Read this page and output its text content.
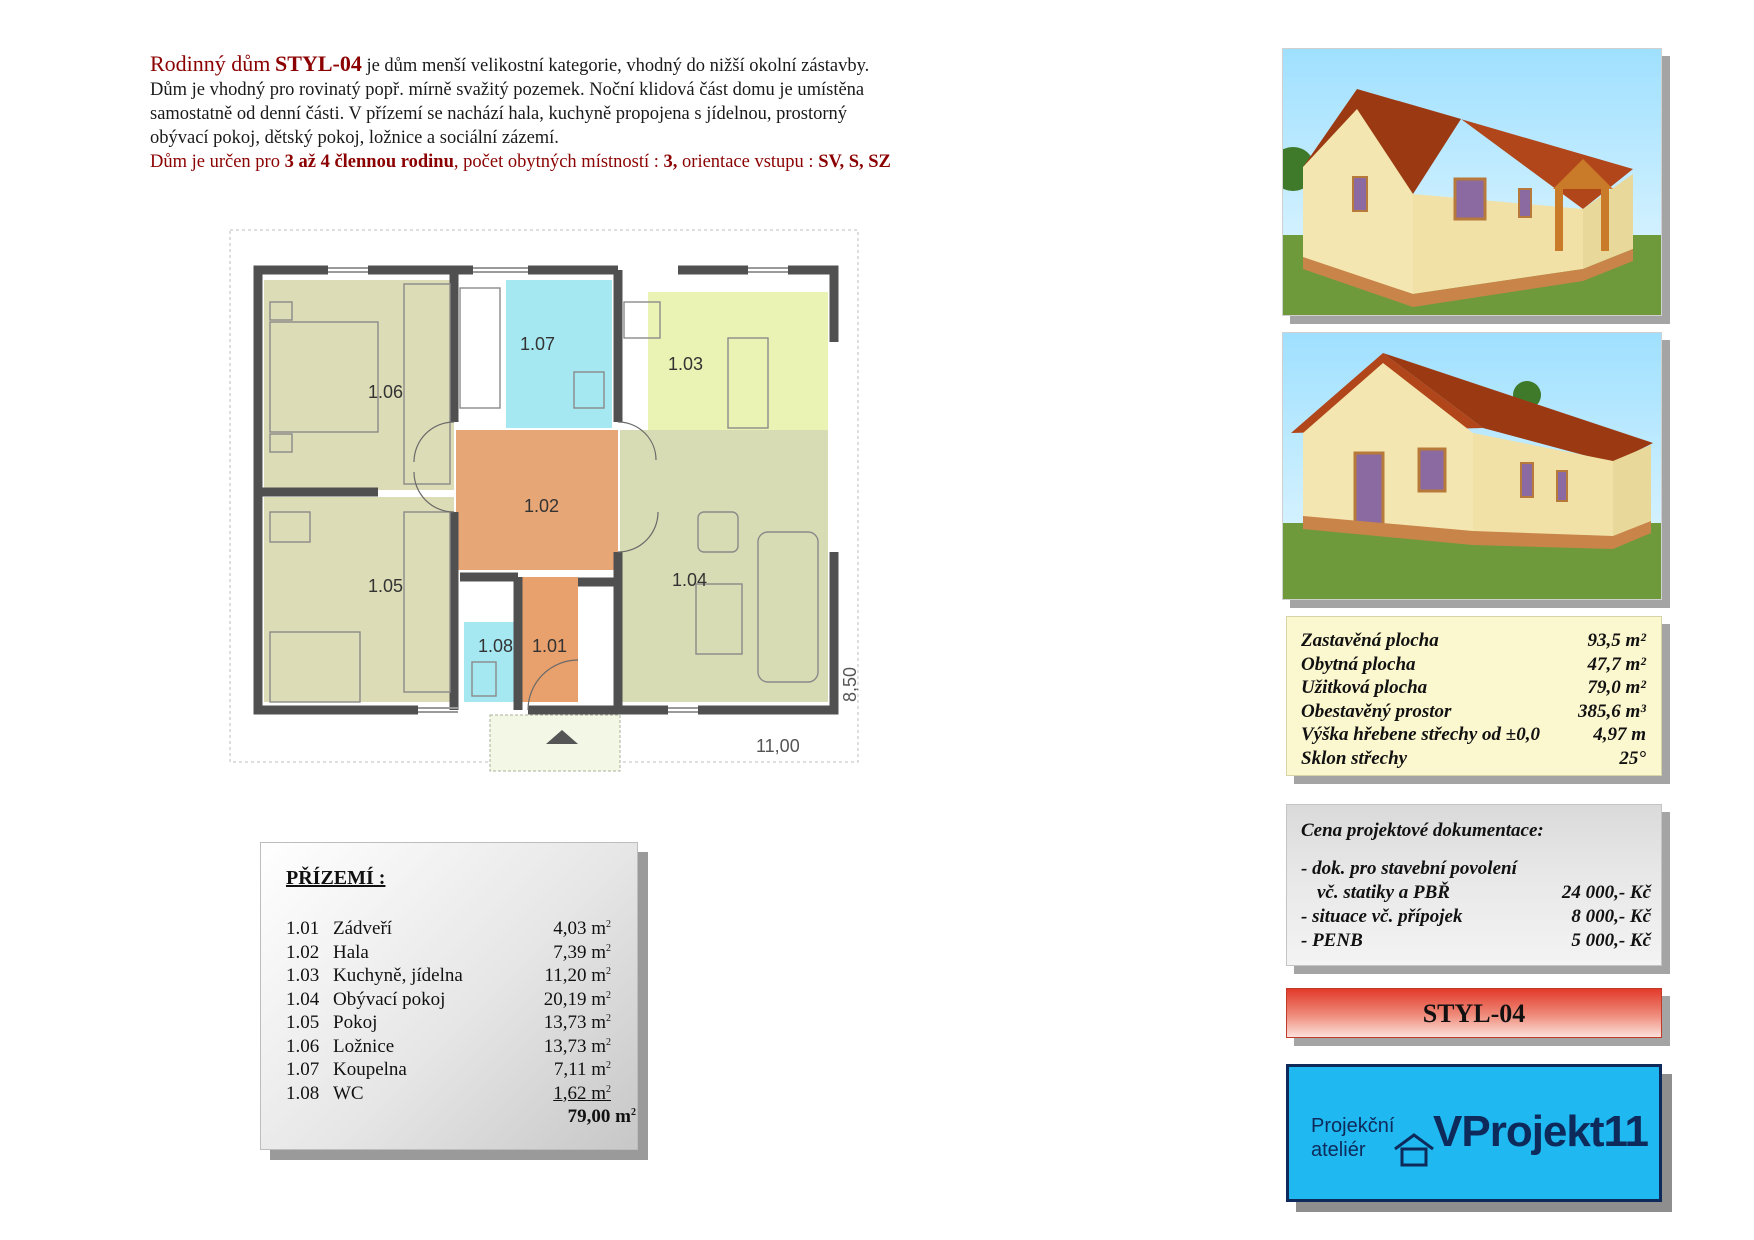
Rodinný dům STYL-04 je dům menší velikostní kategorie, vhodný do nižší okolní zástavby.
Dům je vhodný pro rovinatý popř. mírně svažitý pozemek. Noční klidová část domu je umístěna
samostatně od denní části. V přízemí se nachází hala, kuchyně propojena s jídelnou, prostorný
obývací pokoj, dětský pokoj, ložnice a sociální zázemí.
Dům je určen pro 3 až 4 člennou rodinu, počet obytných místností : 3, orientace vstupu : SV, S, SZ
1.06
1.05
1.02
1.07
1.03
1.04
1.01
1.08
11,00
8,50
PŘÍZEMÍ :
1.01 Zádveří	4,03 $m^2$
1.02 Hala	7,39 $m^2$
1.03 Kuchyně, jídelna	11,20 $m^2$
1.04 Obývací pokoj	20,19 $m^2$
1.05 Pokoj	13,73 $m^2$
1.06 Ložnice	13,73 $m^2$
1.07 Koupelna	7,11 $m^2$
1.08 WC	1,62 $m^2$
79,00 $m^2$
Zastavěná plocha	93,5 m²
Obytná plocha	47,7 m²
Užitková plocha	79,0 m²
Obestavěný prostor	385,6 m³
Výška hřebene střechy od ±0,0	4,97 m
Sklon střechy	25°
Cena projektové dokumentace:
- dok. pro stavební povolení
vč. statiky a PBŘ	24 000,- Kč
- situace vč. přípojek	8 000,- Kč
- PENB	5 000,- Kč
STYL-04
Projekční
ateliér VProjekt11
